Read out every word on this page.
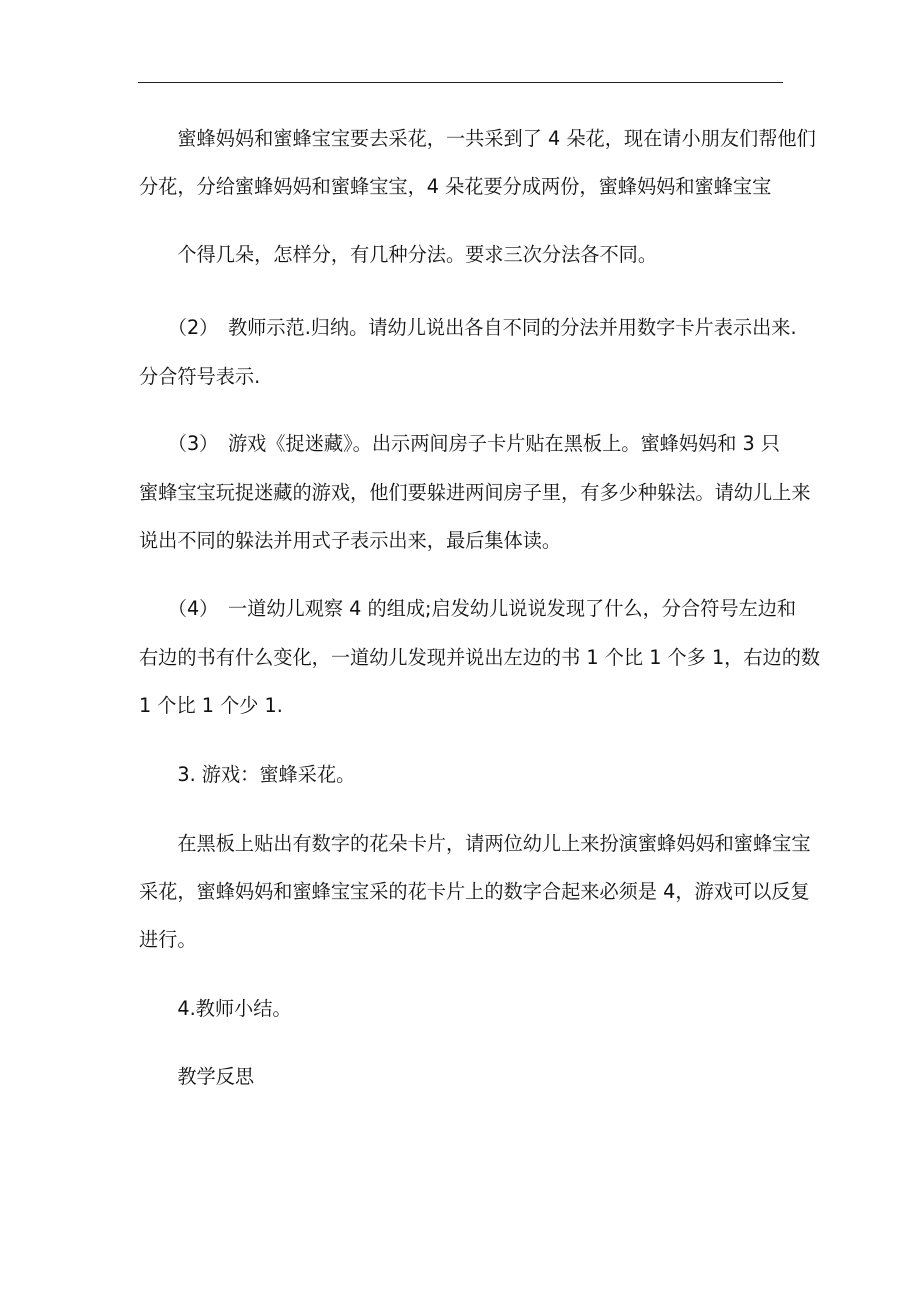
　　蜜蜂妈妈和蜜蜂宝宝要去采花，一共采到了 4 朵花，现在请小朋友们帮他们
分花，分给蜜蜂妈妈和蜜蜂宝宝，4 朵花要分成两份，蜜蜂妈妈和蜜蜂宝宝
　　个得几朵，怎样分，有几种分法。要求三次分法各不同。
　　（2）　教师示范.归纳。请幼儿说出各自不同的分法并用数字卡片表示出来.
分合符号表示.
　　（3）　游戏《捉迷藏》。出示两间房子卡片贴在黑板上。蜜蜂妈妈和 3 只
蜜蜂宝宝玩捉迷藏的游戏，他们要躲进两间房子里，有多少种躲法。请幼儿上来
说出不同的躲法并用式子表示出来，最后集体读。
　　（4）　一道幼儿观察 4 的组成;启发幼儿说说发现了什么，分合符号左边和
右边的书有什么变化，一道幼儿发现并说出左边的书 1 个比 1 个多 1，右边的数
1 个比 1 个少 1.
　　3. 游戏：蜜蜂采花。
　　在黑板上贴出有数字的花朵卡片，请两位幼儿上来扮演蜜蜂妈妈和蜜蜂宝宝
采花，蜜蜂妈妈和蜜蜂宝宝采的花卡片上的数字合起来必须是 4，游戏可以反复
进行。
　　4.教师小结。
　　教学反思
